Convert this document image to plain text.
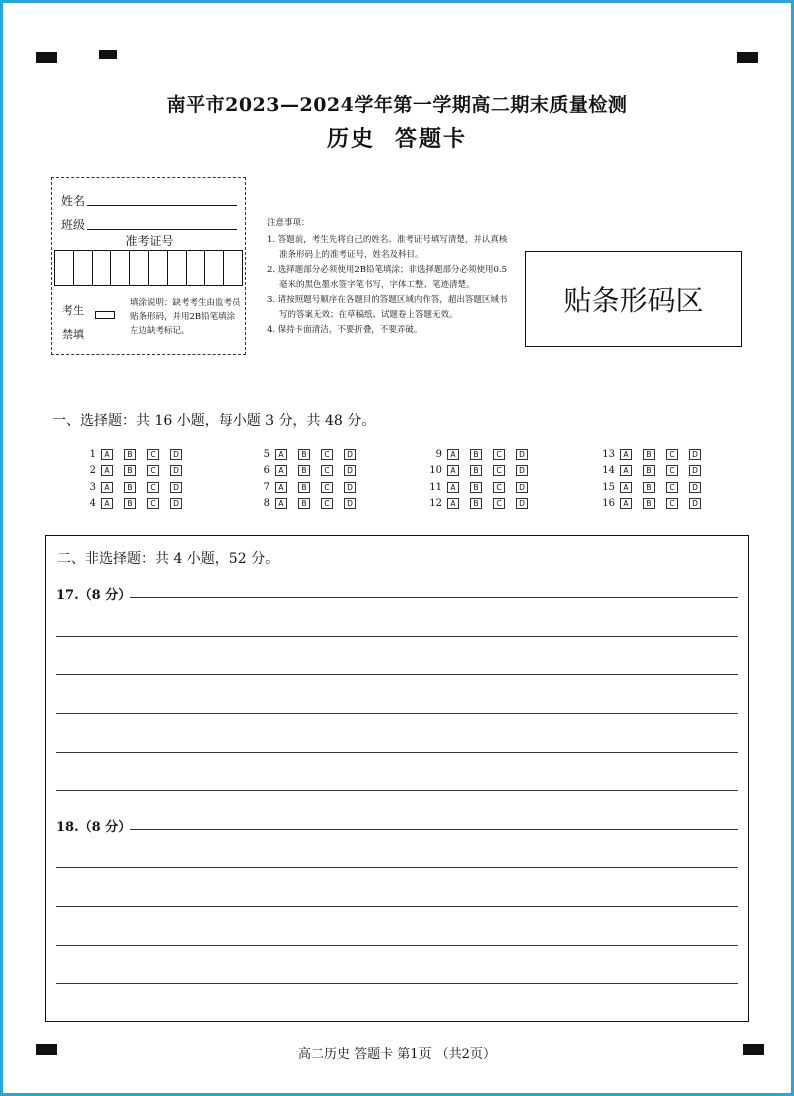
南平市2023—2024学年第一学期高二期末质量检测
历史 答题卡
姓名
班级
准考证号
考生
禁填
填涂说明：缺考考生由监考员贴条形码，并用2B铅笔填涂左边缺考标记。
注意事项：
1. 答题前，考生先将自己的姓名、准考证号填写清楚，并认真核准条形码上的准考证号，姓名及科目。
2. 选择题部分必须使用2B铅笔填涂；非选择题部分必须使用0.5毫米的黑色墨水签字笔书写，字体工整、笔迹清楚。
3. 请按照题号顺序在各题目的答题区域内作答，超出答题区域书写的答案无效；在草稿纸、试题卷上答题无效。
4. 保持卡面清洁，不要折叠，不要弄破。
贴条形码区
一、选择题：共 16 小题，每小题 3 分，共 48 分。
1	A	B	C	D
2	A	B	C	D
3	A	B	C	D
4	A	B	C	D
5	A	B	C	D
6	A	B	C	D
7	A	B	C	D
8	A	B	C	D
9	A	B	C	D
10	A	B	C	D
11	A	B	C	D
12	A	B	C	D
13	A	B	C	D
14	A	B	C	D
15	A	B	C	D
16	A	B	C	D
二、非选择题：共 4 小题，52 分。
17.（8 分）
18.（8 分）
高二历史 答题卡 第1页 （共2页）
